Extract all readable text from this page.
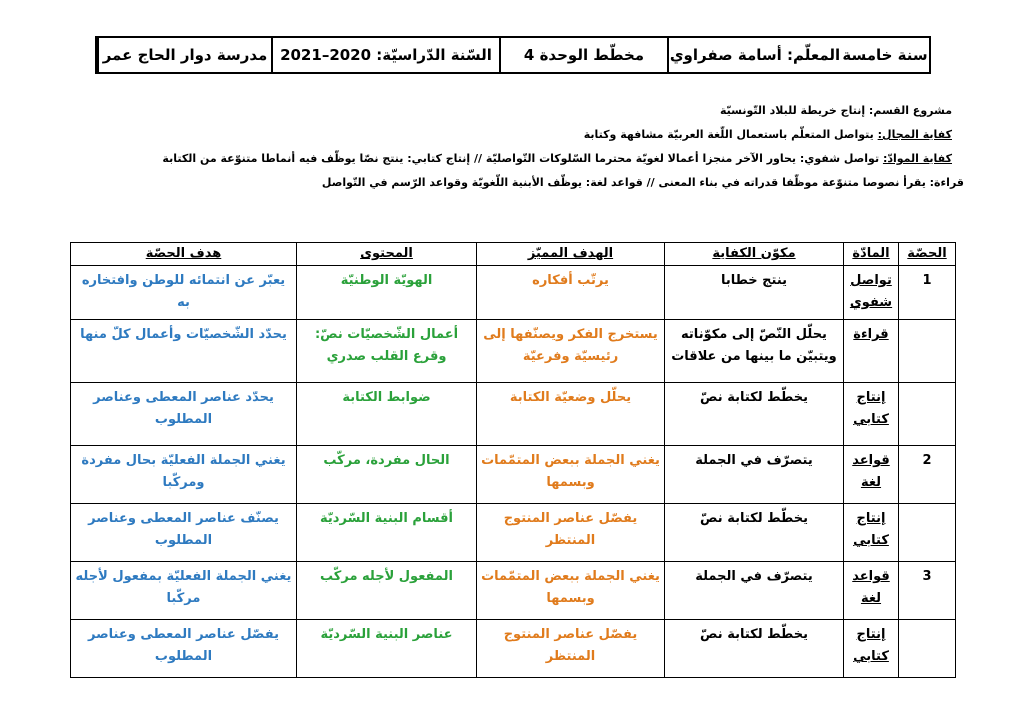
مدرسة دوار الحاج عمر السّنة الدّراسيّة: 2020–2021	مخطّط الوحدة 4	المعلّم: أسامة صفراوي سنة خامسة
مشروع القسم: إنتاج خريطة للبلاد التّونسيّة
كفاية المجال: يتواصل المتعلّم باستعمال اللّغة العربيّة مشافهة وكتابة
كفاية الموادّ: تواصل شفوي: يحاور الآخر منجزا أعمالا لغويّة محترما السّلوكات التّواصليّة // إنتاج كتابي: ينتج نصّا يوظّف فيه أنماطا متنوّعة من الكتابة
قراءة: يقرأ نصوصا متنوّعة موظّفا قدراته في بناء المعنى // قواعد لغة: يوظّف الأبنية اللّغويّة وقواعد الرّسم في التّواصل
الحصّة	المادّة	مكوّن الكفاية	الهدف المميّز	المحتوى	هدف الحصّة
1	تواصل شفوي	ينتج خطابا	يرتّب أفكاره	الهويّة الوطنيّة	يعبّر عن انتمائه للوطن وافتخاره به
	قراءة	يحلّل النّصّ إلى مكوّناته ويتبيّن ما بينها من علاقات	يستخرج الفكر ويصنّفها إلى رئيسيّة وفرعيّة	أعمال الشّخصيّات نصّ: وقرع القلب صدري	يحدّد الشّخصيّات وأعمال كلّ منها
	إنتاج كتابي	يخطّط لكتابة نصّ	يحلّل وضعيّة الكتابة	ضوابط الكتابة	يحدّد عناصر المعطى وعناصر المطلوب
2	قواعد لغة	يتصرّف في الجملة	يغني الجملة ببعض المتمّمات وبسمها	الحال مفردة، مركّب	يغني الجملة الفعليّة بحال مفردة ومركّبا
	إنتاج كتابي	يخطّط لكتابة نصّ	يفصّل عناصر المنتوج المنتظر	أقسام البنية السّرديّة	يصنّف عناصر المعطى وعناصر المطلوب
3	قواعد لغة	يتصرّف في الجملة	يغني الجملة ببعض المتمّمات وبسمها	المفعول لأجله مركّب	يغني الجملة الفعليّة بمفعول لأجله مركّبا
	إنتاج كتابي	يخطّط لكتابة نصّ	يفصّل عناصر المنتوج المنتظر	عناصر البنية السّرديّة	يفصّل عناصر المعطى وعناصر المطلوب
